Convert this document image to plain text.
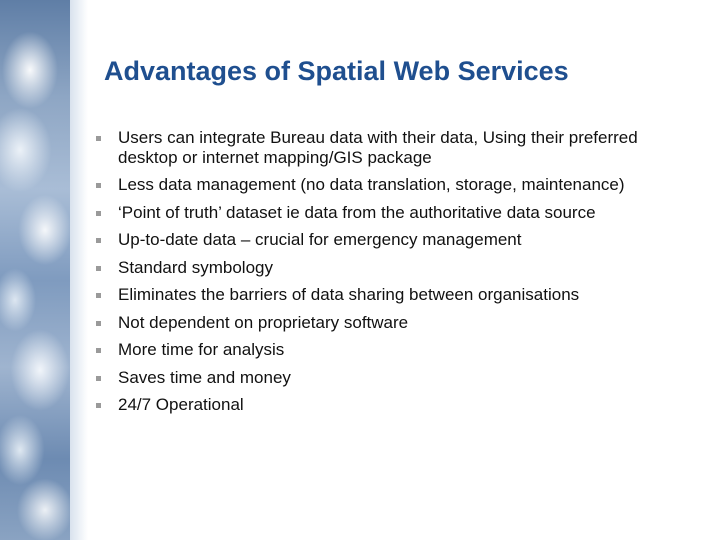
Advantages of Spatial Web Services
Users can integrate Bureau data with their data, Using their preferred desktop or internet mapping/GIS package
Less data management (no data translation, storage, maintenance)
‘Point of truth’ dataset ie data from the authoritative data source
Up-to-date data – crucial for emergency management
Standard symbology
Eliminates the barriers of data sharing between organisations
Not dependent on proprietary software
More time for analysis
Saves time and money
24/7 Operational
